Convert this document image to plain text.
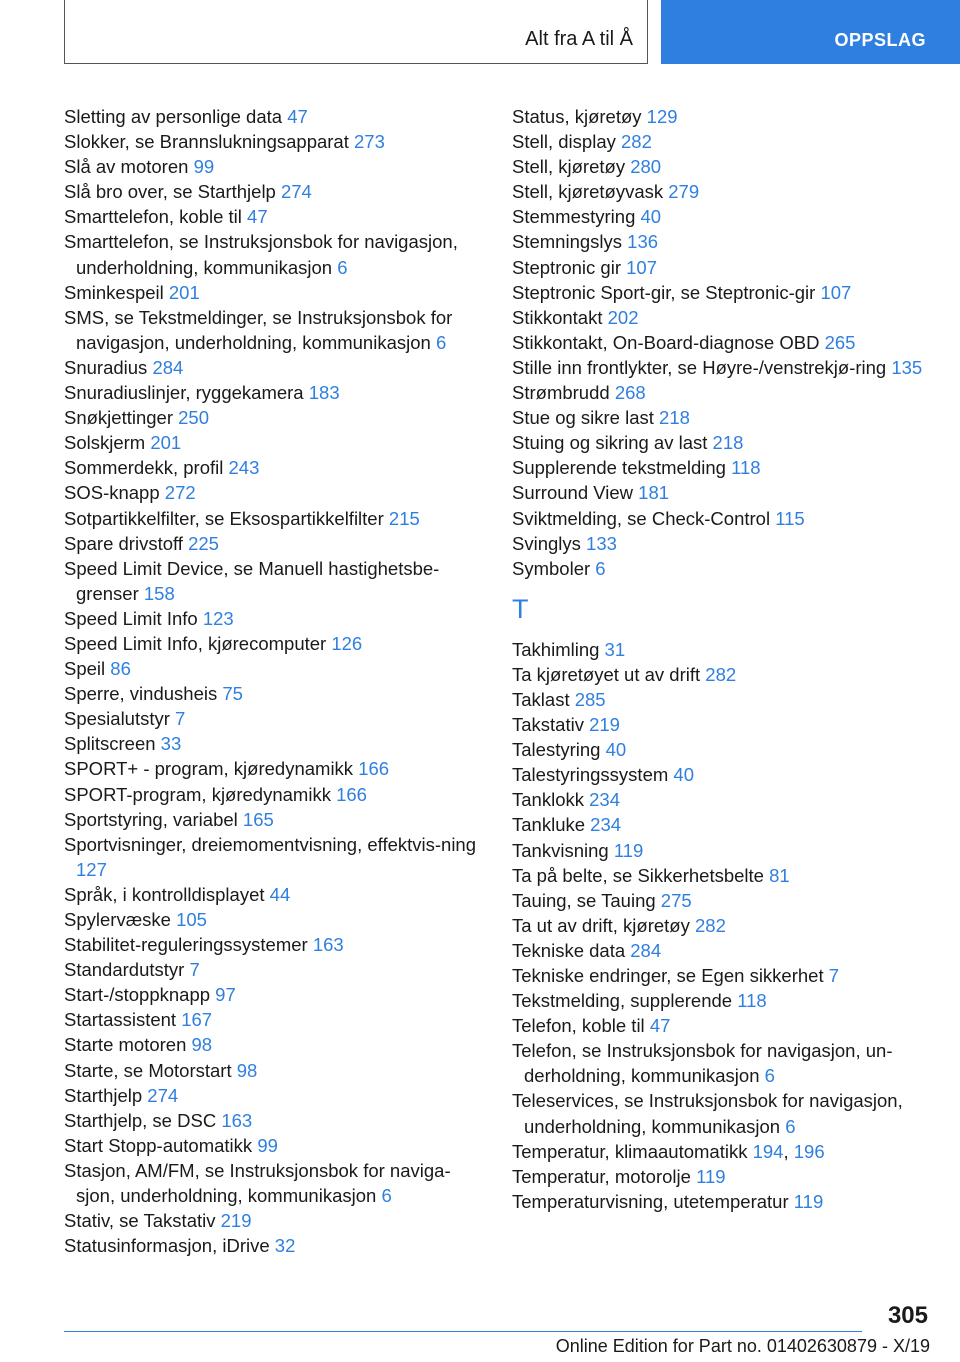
Alt fra A til Å	OPPSLAG
Sletting av personlige data 47
Slokker, se Brannslukningsapparat 273
Slå av motoren 99
Slå bro over, se Starthjelp 274
Smarttelefon, koble til 47
Smarttelefon, se Instruksjonsbok for navigasjon, underholdning, kommunikasjon 6
Sminkespeil 201
SMS, se Tekstmeldinger, se Instruksjonsbok for navigasjon, underholdning, kommunikasjon 6
Snuradius 284
Snuradiuslinjer, ryggekamera 183
Snøkjettinger 250
Solskjerm 201
Sommerdekk, profil 243
SOS-knapp 272
Sotpartikkelfilter, se Eksospartikkelfilter 215
Spare drivstoff 225
Speed Limit Device, se Manuell hastighetsbe‐grenser 158
Speed Limit Info 123
Speed Limit Info, kjørecomputer 126
Speil 86
Sperre, vindusheis 75
Spesialutstyr 7
Splitscreen 33
SPORT+ - program, kjøredynamikk 166
SPORT-program, kjøredynamikk 166
Sportstyring, variabel 165
Sportvisninger, dreiemomentvisning, effektvis‐ning 127
Språk, i kontrolldisplayet 44
Spylervæske 105
Stabilitet-reguleringssystemer 163
Standardutstyr 7
Start-/stoppknapp 97
Startassistent 167
Starte motoren 98
Starte, se Motorstart 98
Starthjelp 274
Starthjelp, se DSC 163
Start Stopp-automatikk 99
Stasjon, AM/FM, se Instruksjonsbok for naviga‐sjon, underholdning, kommunikasjon 6
Stativ, se Takstativ 219
Statusinformasjon, iDrive 32
Status, kjøretøy 129
Stell, display 282
Stell, kjøretøy 280
Stell, kjøretøyvask 279
Stemmestyring 40
Stemningslys 136
Steptronic gir 107
Steptronic Sport-gir, se Steptronic-gir 107
Stikkontakt 202
Stikkontakt, On-Board-diagnose OBD 265
Stille inn frontlykter, se Høyre-/venstrekjø‐ring 135
Strømbrudd 268
Stue og sikre last 218
Stuing og sikring av last 218
Supplerende tekstmelding 118
Surround View 181
Sviktmelding, se Check-Control 115
Svinglys 133
Symboler 6
T
Takhimling 31
Ta kjøretøyet ut av drift 282
Taklast 285
Takstativ 219
Talestyring 40
Talestyringssystem 40
Tanklokk 234
Tankluke 234
Tankvisning 119
Ta på belte, se Sikkerhetsbelte 81
Tauing, se Tauing 275
Ta ut av drift, kjøretøy 282
Tekniske data 284
Tekniske endringer, se Egen sikkerhet 7
Tekstmelding, supplerende 118
Telefon, koble til 47
Telefon, se Instruksjonsbok for navigasjon, un‐derholdning, kommunikasjon 6
Teleservices, se Instruksjonsbok for navigasjon, underholdning, kommunikasjon 6
Temperatur, klimaautomatikk 194, 196
Temperatur, motorolje 119
Temperaturvisning, utetemperatur 119
305
Online Edition for Part no. 01402630879 - X/19
